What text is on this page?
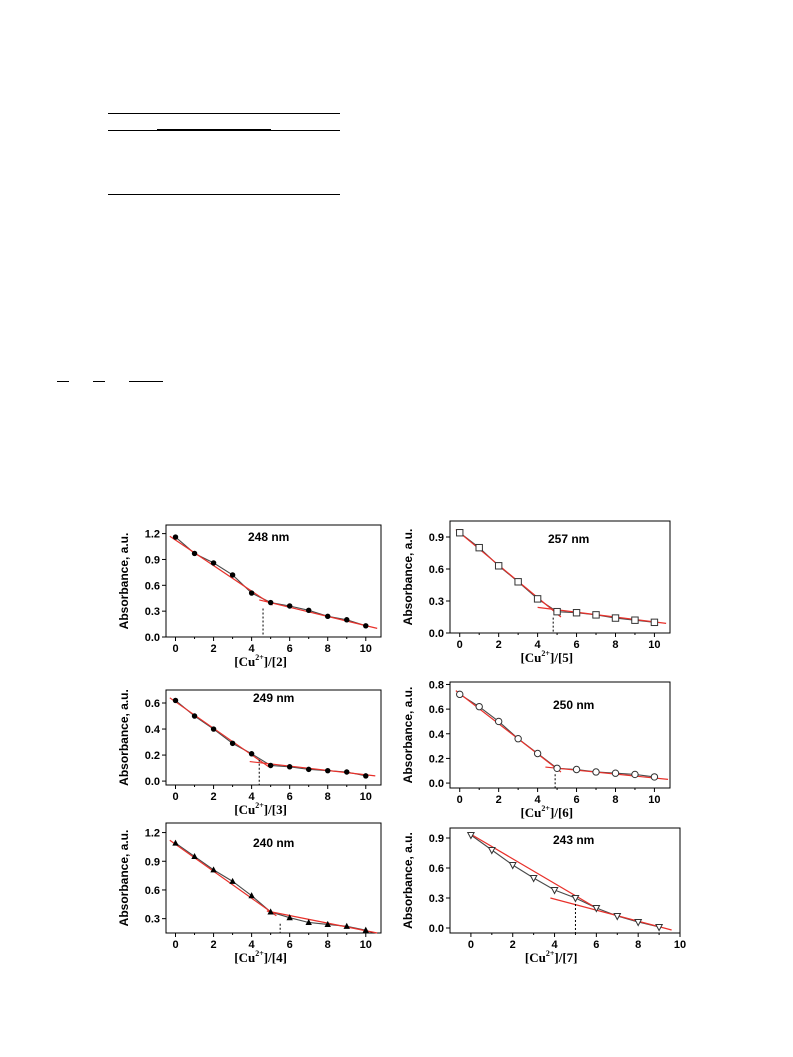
0	2	4	6	8	10
0.0
0.3
0.6
0.9
1.2
Absorbance, a.u.
$[Cu^{2+}]/[2]$
248 nm
0	2	4	6	8	10
0.0
0.3
0.6
0.9
Absorbance, a.u.
$[Cu^{2+}]/[5]$
257 nm
0	2	4	6	8	10
0.0
0.2
0.4
0.6
Absorbance, a.u.
$[Cu^{2+}]/[3]$
249 nm
0	2	4	6	8	10
0.0
0.2
0.4
0.6
0.8
Absorbance, a.u.
$[Cu^{2+}]/[6]$
250 nm
0	2	4	6	8	10
0.3
0.6
0.9
1.2
Absorbance, a.u.
$[Cu^{2+}]/[4]$
240 nm
0	2	4	6	8	10
0.0
0.3
0.6
0.9
Absorbance, a.u.
$[Cu^{2+}]/[7]$
243 nm
